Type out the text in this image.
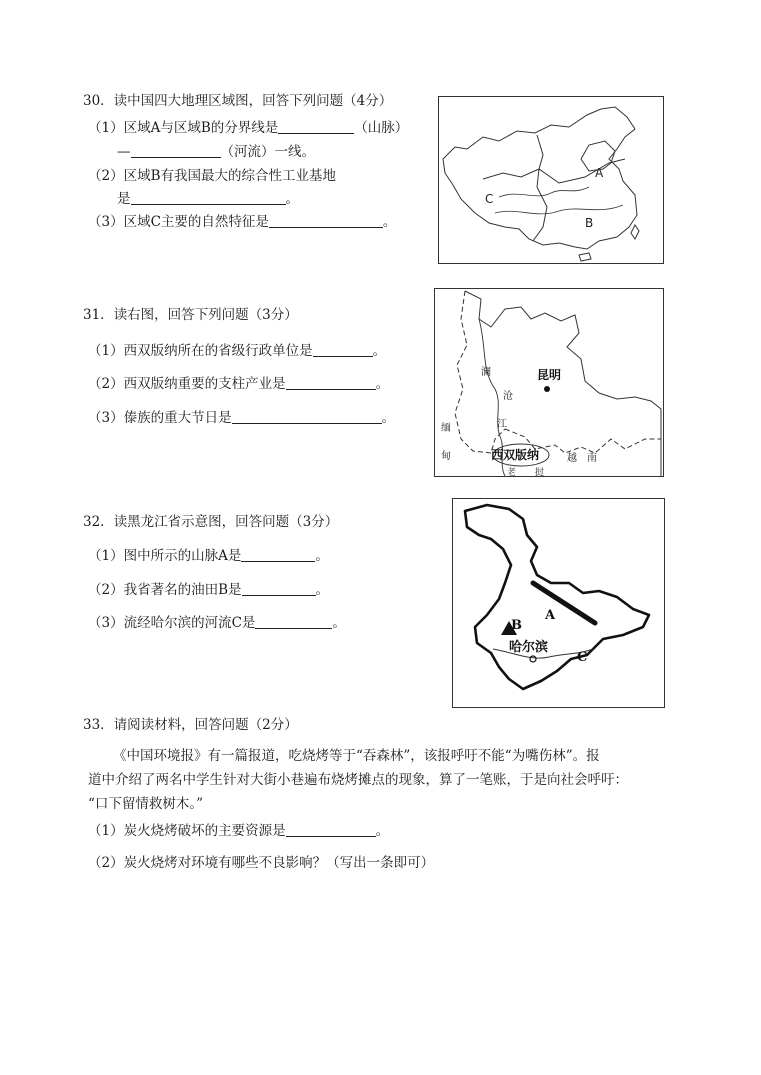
30．读中国四大地理区域图，回答下列问题（4分）
（1）区域A与区域B的分界线是	（山脉）
—	（河流）一线。
（2）区域B有我国最大的综合性工业基地
是	。
（3）区域C主要的自然特征是	。
A
B
C
31．读右图，回答下列问题（3分）
（1）西双版纳所在的省级行政单位是	。
（2）西双版纳重要的支柱产业是	。
（3）傣族的重大节日是	。
昆明
澜
沧
江
缅
甸	西双版纳	越　南
老 挝
32．读黑龙江省示意图，回答问题（3分）
（1）图中所示的山脉A是	。
（2）我省著名的油田B是	。
（3）流经哈尔滨的河流C是	。	A
B
C
哈尔滨
33．请阅读材料，回答问题（2分）
《中国环境报》有一篇报道，吃烧烤等于“吞森林”，该报呼吁不能“为嘴伤林”。报
道中介绍了两名中学生针对大街小巷遍布烧烤摊点的现象，算了一笔账，于是向社会呼吁：
“口下留情救树木。”
（1）炭火烧烤破坏的主要资源是	。
（2）炭火烧烤对环境有哪些不良影响？（写出一条即可）
